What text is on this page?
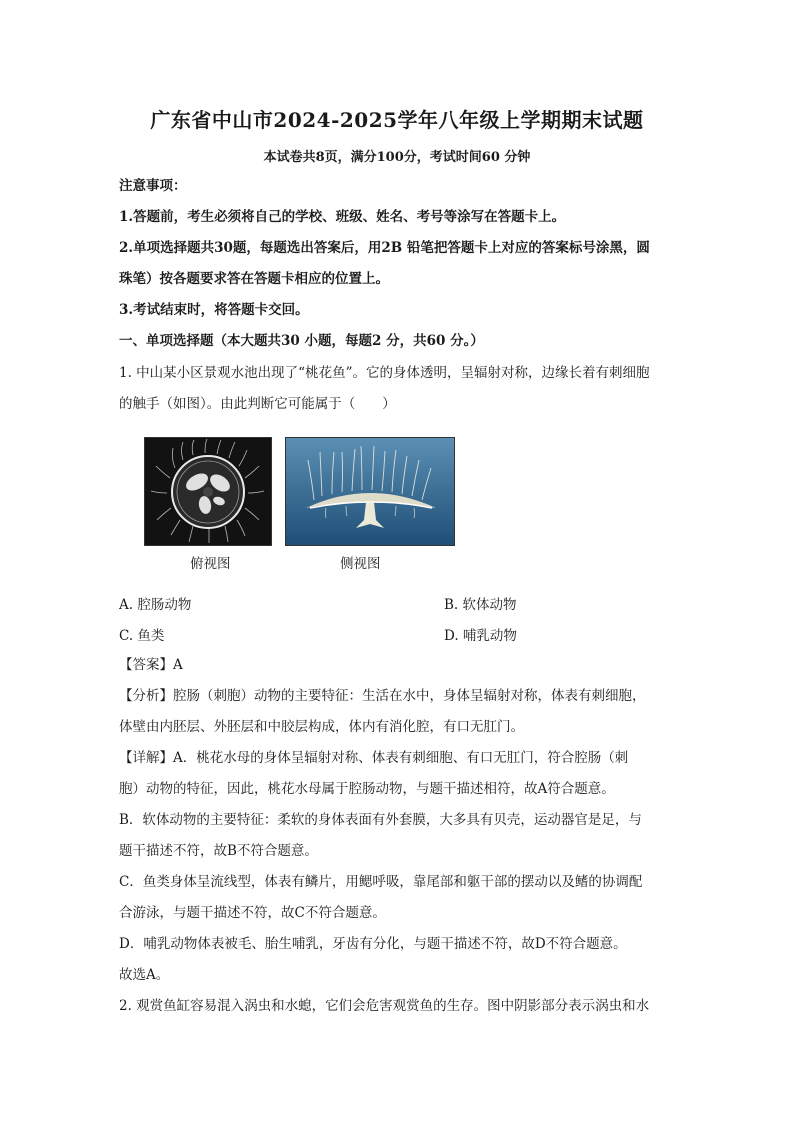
广东省中山市2024-2025学年八年级上学期期末试题
本试卷共8页，满分100分，考试时间60 分钟
注意事项：
1.答题前，考生必须将自己的学校、班级、姓名、考号等涂写在答题卡上。
2.单项选择题共30题，每题选出答案后，用2B 铅笔把答题卡上对应的答案标号涂黑，圆
珠笔）按各题要求答在答题卡相应的位置上。
3.考试结束时，将答题卡交回。
一、单项选择题（本大题共30 小题，每题2 分，共60 分。）
1. 中山某小区景观水池出现了“桃花鱼”。它的身体透明，呈辐射对称，边缘长着有刺细胞
的触手（如图）。由此判断它可能属于（　　）
俯视图	侧视图
A. 腔肠动物	B. 软体动物
C. 鱼类	D. 哺乳动物
【答案】A
【分析】腔肠（刺胞）动物的主要特征：生活在水中，身体呈辐射对称，体表有刺细胞，
体壁由内胚层、外胚层和中胶层构成，体内有消化腔，有口无肛门。
【详解】A．桃花水母的身体呈辐射对称、体表有刺细胞、有口无肛门，符合腔肠（刺
胞）动物的特征，因此，桃花水母属于腔肠动物，与题干描述相符，故A符合题意。
B．软体动物的主要特征：柔软的身体表面有外套膜，大多具有贝壳，运动器官是足，与
题干描述不符，故B不符合题意。
C．鱼类身体呈流线型，体表有鳞片，用鳃呼吸，靠尾部和躯干部的摆动以及鳍的协调配
合游泳，与题干描述不符，故C不符合题意。
D．哺乳动物体表被毛、胎生哺乳，牙齿有分化，与题干描述不符，故D不符合题意。
故选A。
2. 观赏鱼缸容易混入涡虫和水螅，它们会危害观赏鱼的生存。图中阴影部分表示涡虫和水
